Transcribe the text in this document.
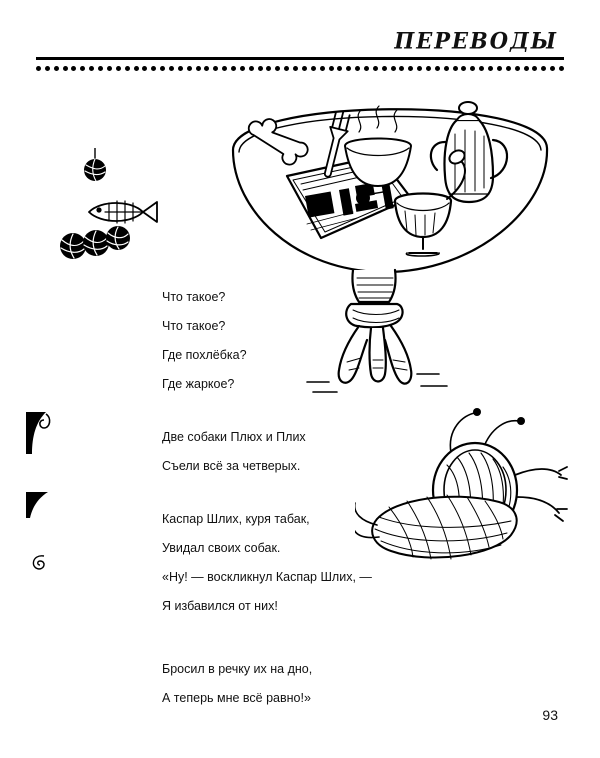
ПЕРЕВОДЫ
Что такое?
Что такое?
Где похлёбка?
Где жаркое?
Две собаки Плюх и Плих
Съели всё за четверых.
Каспар Шлих, куря табак,
Увидал своих собак.
«Ну! — воскликнул Каспар Шлих, —
Я избавился от них!
Бросил в речку их на дно,
А теперь мне всё равно!»
93
